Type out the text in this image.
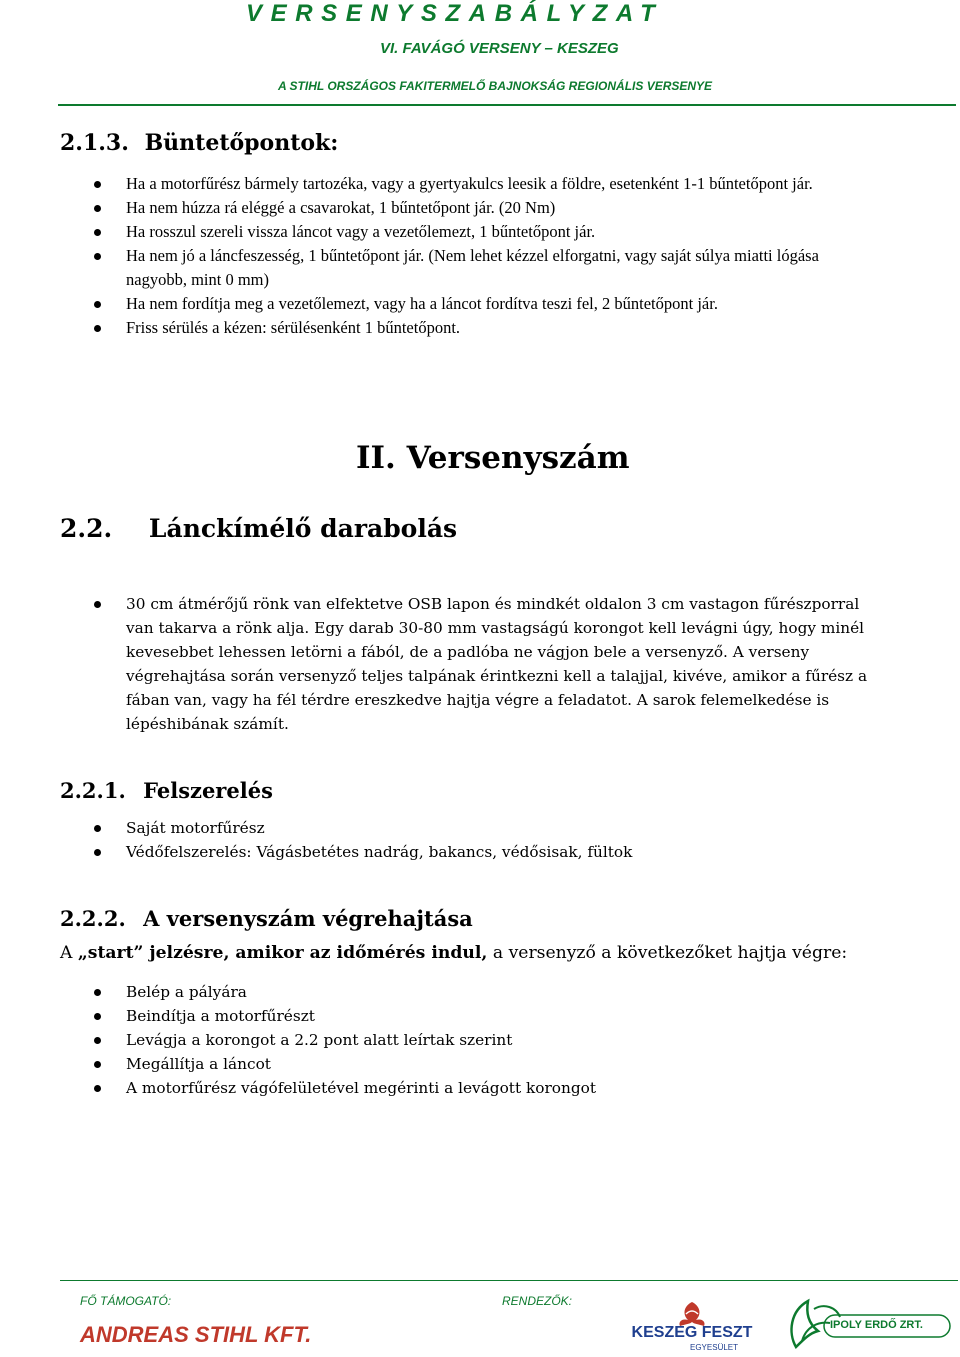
VERSENYSZABÁLYZAT
VI. FAVÁGÓ VERSENY – KESZEG
A STIHL ORSZÁGOS FAKITERMELŐ BAJNOKSÁG REGIONÁLIS VERSENYE
2.1.3. Büntetőpontok:
Ha a motorfűrész bármely tartozéka, vagy a gyertyakulcs leesik a földre, esetenként 1-1 bűntetőpont jár.
Ha nem húzza rá eléggé a csavarokat, 1 bűntetőpont jár. (20 Nm)
Ha rosszul szereli vissza láncot vagy a vezetőlemezt, 1 bűntetőpont jár.
Ha nem jó a láncfeszesség, 1 bűntetőpont jár. (Nem lehet kézzel elforgatni, vagy saját súlya miatti lógása nagyobb, mint 0 mm)
Ha nem fordítja meg a vezetőlemezt, vagy ha a láncot fordítva teszi fel, 2 bűntetőpont jár.
Friss sérülés a kézen: sérülésenként 1 bűntetőpont.
II. Versenyszám
2.2. Lánckímélő darabolás
30 cm átmérőjű rönk van elfektetve OSB lapon és mindkét oldalon 3 cm vastagon fűrészporral van takarva a rönk alja. Egy darab 30-80 mm vastagságú korongot kell levágni úgy, hogy minél kevesebbet lehessen letörni a fából, de a padlóba ne vágjon bele a versenyző. A verseny végrehajtása során versenyző teljes talpának érintkezni kell a talajjal, kivéve, amikor a fűrész a fában van, vagy ha fél térdre ereszkedve hajtja végre a feladatot. A sarok felemelkedése is lépéshibának számít.
2.2.1. Felszerelés
Saját motorfűrész
Védőfelszerelés: Vágásbetétes nadrág, bakancs, védősisak, fültok
2.2.2. A versenyszám végrehajtása
A „start” jelzésre, amikor az időmérés indul, a versenyző a következőket hajtja végre:
Belép a pályára
Beindítja a motorfűrészt
Levágja a korongot a 2.2 pont alatt leírtak szerint
Megállítja a láncot
A motorfűrész vágófelületével megérinti a levágott korongot
FŐ TÁMOGATÓ:
ANDREAS STIHL KFT.
RENDEZŐK:
KESZEG FESZT
EGYESÜLET
IPOLY ERDŐ ZRT.
